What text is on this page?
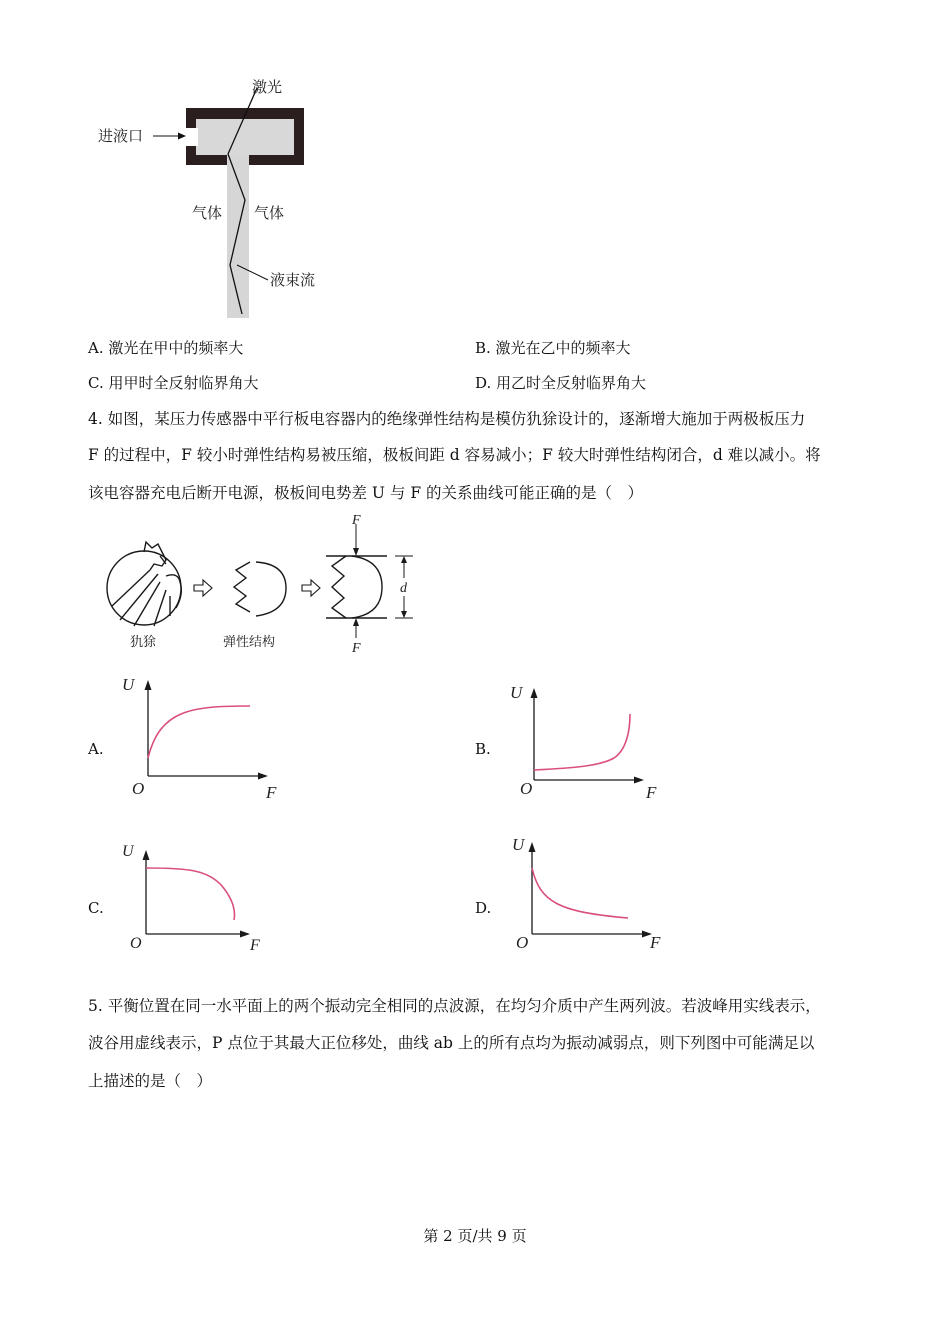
激光
进液口
气体 气体
液束流
A. 激光在甲中的频率大	B. 激光在乙中的频率大
C. 用甲时全反射临界角大	D. 用乙时全反射临界角大
4. 如图，某压力传感器中平行板电容器内的绝缘弹性结构是模仿犰狳设计的，逐渐增大施加于两极板压力
F 的过程中，F 较小时弹性结构易被压缩，极板间距 d 容易减小；F 较大时弹性结构闭合，d 难以减小。将
该电容器充电后断开电源，极板间电势差 U 与 F 的关系曲线可能正确的是（　）
犰狳	弹性结构
F
F
d
A.
U
O	F
B.
U
O	F
C.
U
O	F
D.
U
O	F
5. 平衡位置在同一水平面上的两个振动完全相同的点波源，在均匀介质中产生两列波。若波峰用实线表示，
波谷用虚线表示，P 点位于其最大正位移处，曲线 ab 上的所有点均为振动减弱点，则下列图中可能满足以
上描述的是（　）
第 2 页/共 9 页
